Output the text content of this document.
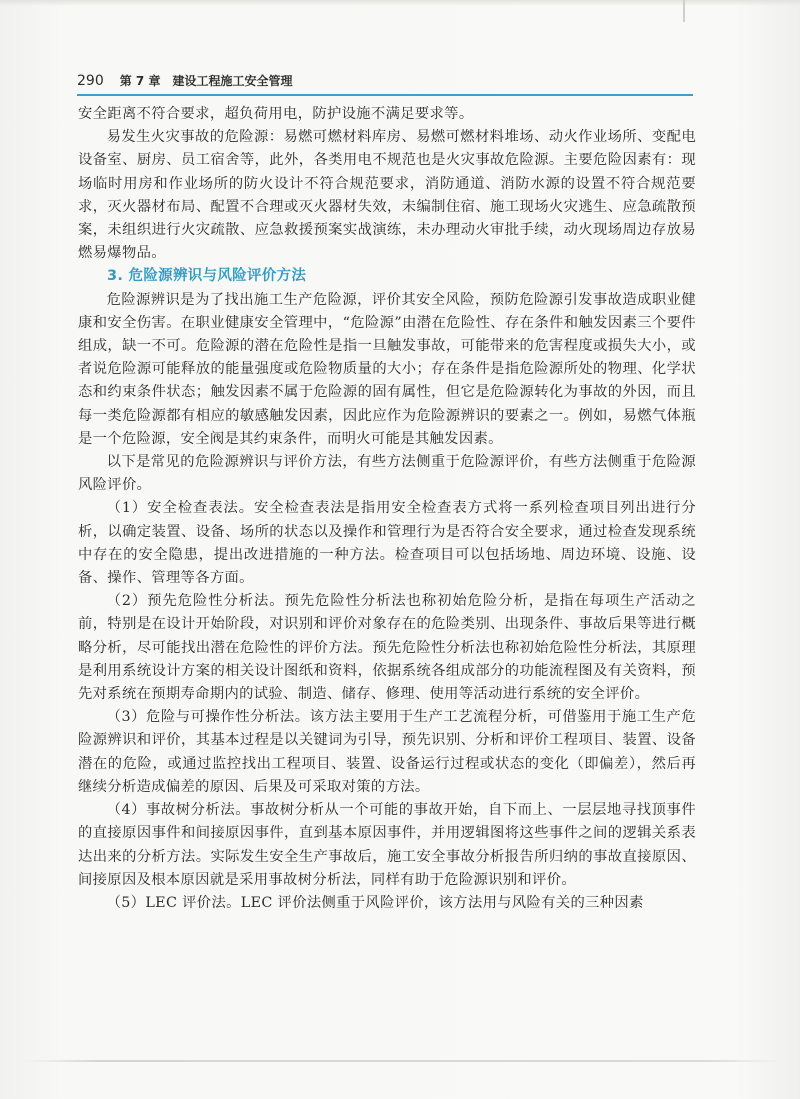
290 第 7 章 建设工程施工安全管理

安全距离不符合要求，超负荷用电，防护设施不满足要求等。

易发生火灾事故的危险源：易燃可燃材料库房、易燃可燃材料堆场、动火作业场所、变配电设备室、厨房、员工宿舍等，此外，各类用电不规范也是火灾事故危险源。主要危险因素有：现场临时用房和作业场所的防火设计不符合规范要求，消防通道、消防水源的设置不符合规范要求，灭火器材布局、配置不合理或灭火器材失效，未编制住宿、施工现场火灾逃生、应急疏散预案，未组织进行火灾疏散、应急救援预案实战演练，未办理动火审批手续，动火现场周边存放易燃易爆物品。

3. 危险源辨识与风险评价方法

危险源辨识是为了找出施工生产危险源，评价其安全风险，预防危险源引发事故造成职业健康和安全伤害。在职业健康安全管理中，“危险源”由潜在危险性、存在条件和触发因素三个要件组成，缺一不可。危险源的潜在危险性是指一旦触发事故，可能带来的危害程度或损失大小，或者说危险源可能释放的能量强度或危险物质量的大小；存在条件是指危险源所处的物理、化学状态和约束条件状态；触发因素不属于危险源的固有属性，但它是危险源转化为事故的外因，而且每一类危险源都有相应的敏感触发因素，因此应作为危险源辨识的要素之一。例如，易燃气体瓶是一个危险源，安全阀是其约束条件，而明火可能是其触发因素。

以下是常见的危险源辨识与评价方法，有些方法侧重于危险源评价，有些方法侧重于危险源风险评价。

（1）安全检查表法。安全检查表法是指用安全检查表方式将一系列检查项目列出进行分析，以确定装置、设备、场所的状态以及操作和管理行为是否符合安全要求，通过检查发现系统中存在的安全隐患，提出改进措施的一种方法。检查项目可以包括场地、周边环境、设施、设备、操作、管理等各方面。

（2）预先危险性分析法。预先危险性分析法也称初始危险分析，是指在每项生产活动之前，特别是在设计开始阶段，对识别和评价对象存在的危险类别、出现条件、事故后果等进行概略分析，尽可能找出潜在危险性的评价方法。预先危险性分析法也称初始危险性分析法，其原理是利用系统设计方案的相关设计图纸和资料，依据系统各组成部分的功能流程图及有关资料，预先对系统在预期寿命期内的试验、制造、储存、修理、使用等活动进行系统的安全评价。

（3）危险与可操作性分析法。该方法主要用于生产工艺流程分析，可借鉴用于施工生产危险源辨识和评价，其基本过程是以关键词为引导，预先识别、分析和评价工程项目、装置、设备潜在的危险，或通过监控找出工程项目、装置、设备运行过程或状态的变化（即偏差），然后再继续分析造成偏差的原因、后果及可采取对策的方法。

（4）事故树分析法。事故树分析从一个可能的事故开始，自下而上、一层层地寻找顶事件的直接原因事件和间接原因事件，直到基本原因事件，并用逻辑图将这些事件之间的逻辑关系表达出来的分析方法。实际发生安全生产事故后，施工安全事故分析报告所归纳的事故直接原因、间接原因及根本原因就是采用事故树分析法，同样有助于危险源识别和评价。

（5）LEC 评价法。LEC 评价法侧重于风险评价，该方法用与风险有关的三种因素
